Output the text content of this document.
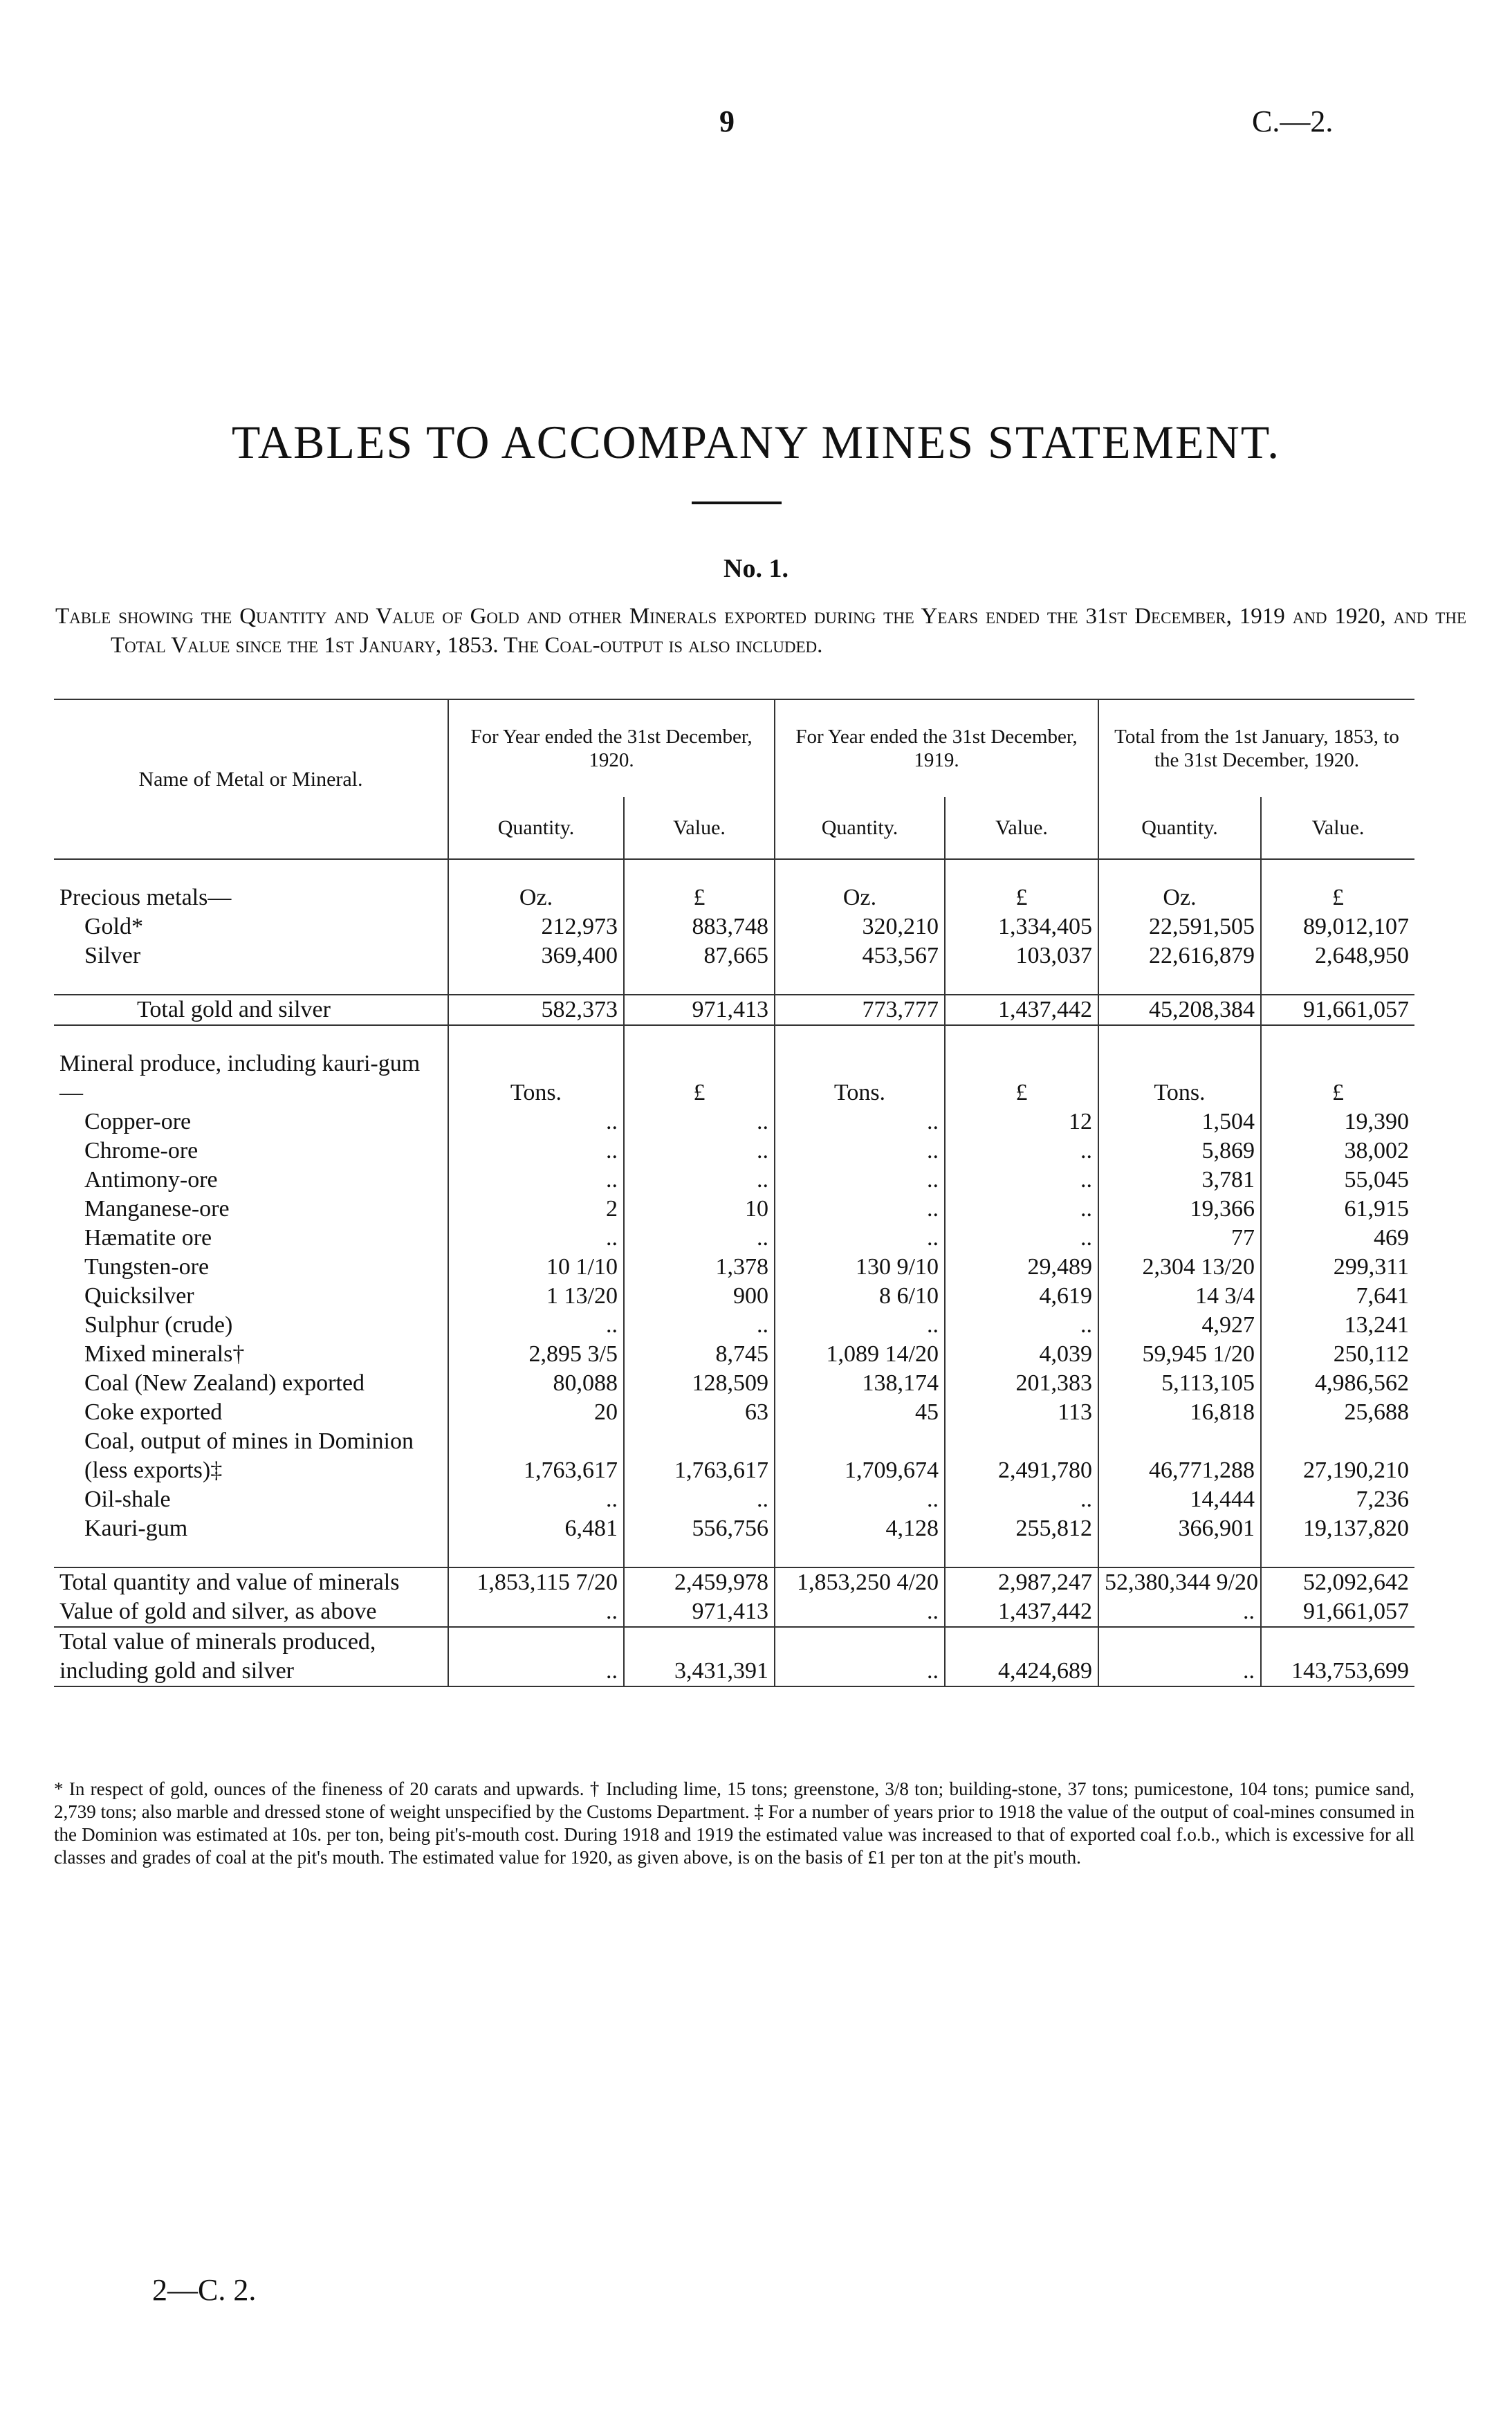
9	C.—2.
TABLES TO ACCOMPANY MINES STATEMENT.
No. 1.
Table showing the Quantity and Value of Gold and other Minerals exported during the Years ended the 31st December, 1919 and 1920, and the Total Value since the 1st January, 1853. The Coal-output is also included.
Name of Metal or Mineral.	For Year ended the 31st December, 1920.		For Year ended the 31st December, 1919.		Total from the 1st January, 1853, to the 31st December, 1920.	
	Quantity.	Value.	Quantity.	Value.	Quantity.	Value.

Precious metals—	Oz.	£	Oz.	£	Oz.	£
Gold*	212,973	883,748	320,210	1,334,405	22,591,505	89,012,107
Silver	369,400	87,665	453,567	103,037	22,616,879	2,648,950

Total gold and silver	582,373	971,413	773,777	1,437,442	45,208,384	91,661,057

Mineral produce, including kauri-gum—	Tons.	£	Tons.	£	Tons.	£
Copper-ore	..	..	..	12	1,504	19,390
Chrome-ore	..	..	..	..	5,869	38,002
Antimony-ore	..	..	..	..	3,781	55,045
Manganese-ore	2	10	..	..	19,366	61,915
Hæmatite ore	..	..	..	..	77	469
Tungsten-ore	10 1/10	1,378	130 9/10	29,489	2,304 13/20	299,311
Quicksilver	1 13/20	900	8 6/10	4,619	14 3/4	7,641
Sulphur (crude)	..	..	..	..	4,927	13,241
Mixed minerals†	2,895 3/5	8,745	1,089 14/20	4,039	59,945 1/20	250,112
Coal (New Zealand) exported	80,088	128,509	138,174	201,383	5,113,105	4,986,562
Coke exported	20	63	45	113	16,818	25,688
Coal, output of mines in Dominion (less exports)‡	1,763,617	1,763,617	1,709,674	2,491,780	46,771,288	27,190,210
Oil-shale	..	..	..	..	14,444	7,236
Kauri-gum	6,481	556,756	4,128	255,812	366,901	19,137,820

Total quantity and value of minerals	1,853,115 7/20	2,459,978	1,853,250 4/20	2,987,247	52,380,344 9/20	52,092,642
Value of gold and silver, as above	..	971,413	..	1,437,442	..	91,661,057
Total value of minerals produced, including gold and silver	..	3,431,391	..	4,424,689	..	143,753,699

* In respect of gold, ounces of the fineness of 20 carats and upwards. † Including lime, 15 tons; greenstone, 3/8 ton; building-stone, 37 tons; pumicestone, 104 tons; pumice sand, 2,739 tons; also marble and dressed stone of weight unspecified by the Customs Department. ‡ For a number of years prior to 1918 the value of the output of coal-mines consumed in the Dominion was estimated at 10s. per ton, being pit's-mouth cost. During 1918 and 1919 the estimated value was increased to that of exported coal f.o.b., which is excessive for all classes and grades of coal at the pit's mouth. The estimated value for 1920, as given above, is on the basis of £1 per ton at the pit's mouth.

2—C. 2.
